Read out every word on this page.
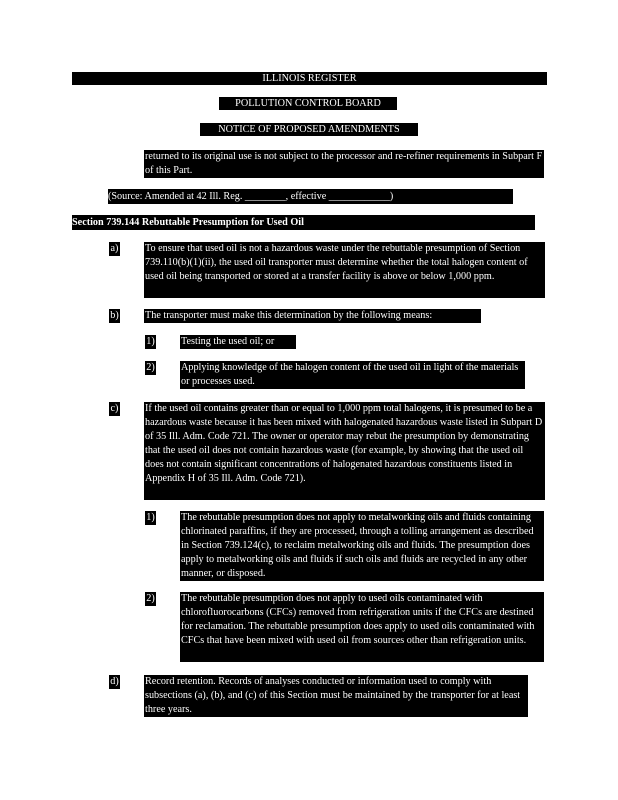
ILLINOIS REGISTER
POLLUTION CONTROL BOARD
NOTICE OF PROPOSED AMENDMENTS
returned to its original use is not subject to the processor and re-refiner requirements in Subpart F of this Part.
(Source: Amended at 42 Ill. Reg. ________, effective ____________)
Section 739.144 Rebuttable Presumption for Used Oil
a)	To ensure that used oil is not a hazardous waste under the rebuttable presumption of Section 739.110(b)(1)(ii), the used oil transporter must determine whether the total halogen content of used oil being transported or stored at a transfer facility is above or below 1,000 ppm.
b)	The transporter must make this determination by the following means:
1)	Testing the used oil; or
2)	Applying knowledge of the halogen content of the used oil in light of the materials or processes used.
c)	If the used oil contains greater than or equal to 1,000 ppm total halogens, it is presumed to be a hazardous waste because it has been mixed with halogenated hazardous waste listed in Subpart D of 35 Ill. Adm. Code 721. The owner or operator may rebut the presumption by demonstrating that the used oil does not contain hazardous waste (for example, by showing that the used oil does not contain significant concentrations of halogenated hazardous constituents listed in Appendix H of 35 Ill. Adm. Code 721).
1)	The rebuttable presumption does not apply to metalworking oils and fluids containing chlorinated paraffins, if they are processed, through a tolling arrangement as described in Section 739.124(c), to reclaim metalworking oils and fluids. The presumption does apply to metalworking oils and fluids if such oils and fluids are recycled in any other manner, or disposed.
2)	The rebuttable presumption does not apply to used oils contaminated with chlorofluorocarbons (CFCs) removed from refrigeration units if the CFCs are destined for reclamation. The rebuttable presumption does apply to used oils contaminated with CFCs that have been mixed with used oil from sources other than refrigeration units.
d)	Record retention. Records of analyses conducted or information used to comply with subsections (a), (b), and (c) of this Section must be maintained by the transporter for at least three years.
